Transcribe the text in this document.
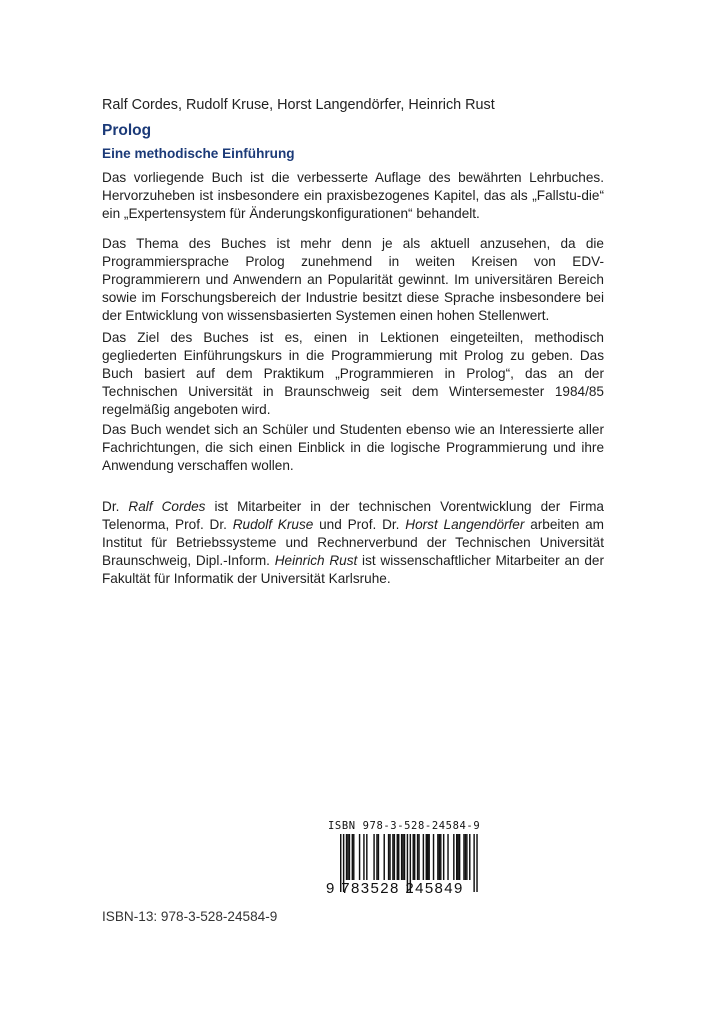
Ralf Cordes, Rudolf Kruse, Horst Langendörfer, Heinrich Rust
Prolog
Eine methodische Einführung
Das vorliegende Buch ist die verbesserte Auflage des bewährten Lehrbuches. Hervorzuheben ist insbesondere ein praxisbezogenes Kapitel, das als „Fallstu-die“ ein „Expertensystem für Änderungskonfigurationen“ behandelt.
Das Thema des Buches ist mehr denn je als aktuell anzusehen, da die Programmiersprache Prolog zunehmend in weiten Kreisen von EDV-Programmierern und Anwendern an Popularität gewinnt. Im universitären Bereich sowie im Forschungsbereich der Industrie besitzt diese Sprache insbesondere bei der Entwicklung von wissensbasierten Systemen einen hohen Stellenwert.
Das Ziel des Buches ist es, einen in Lektionen eingeteilten, methodisch gegliederten Einführungskurs in die Programmierung mit Prolog zu geben. Das Buch basiert auf dem Praktikum „Programmieren in Prolog“, das an der Technischen Universität in Braunschweig seit dem Wintersemester 1984/85 regelmäßig angeboten wird.
Das Buch wendet sich an Schüler und Studenten ebenso wie an Interessierte aller Fachrichtungen, die sich einen Einblick in die logische Programmierung und ihre Anwendung verschaffen wollen.
Dr. Ralf Cordes ist Mitarbeiter in der technischen Vorentwicklung der Firma Telenorma, Prof. Dr. Rudolf Kruse und Prof. Dr. Horst Langendörfer arbeiten am Institut für Betriebssysteme und Rechnerverbund der Technischen Universität Braunschweig, Dipl.-Inform. Heinrich Rust ist wissenschaftlicher Mitarbeiter an der Fakultät für Informatik der Universität Karlsruhe.
ISBN 978-3-528-24584-9
9 783528 245849
ISBN-13: 978-3-528-24584-9
